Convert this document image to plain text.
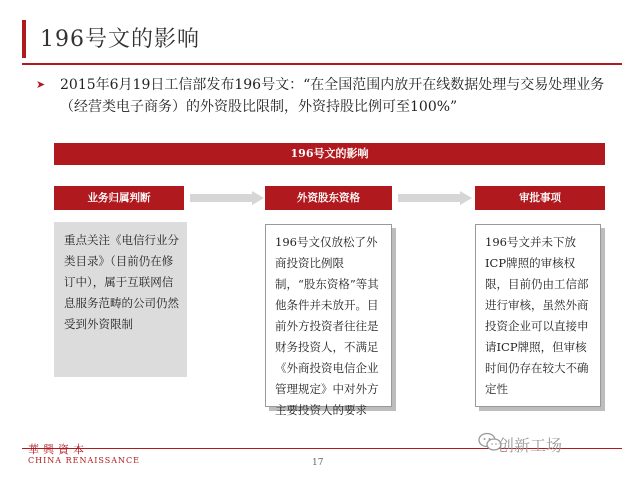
196号文的影响
➤ 2015年6月19日工信部发布196号文：“在全国范围内放开在线数据处理与交易处理业务（经营类电子商务）的外资股比限制，外资持股比例可至100%”
196号文的影响
业务归属判断
重点关注《电信行业分类目录》（目前仍在修订中），属于互联网信息服务范畴的公司仍然受到外资限制
外资股东资格
196号文仅放松了外商投资比例限制，“股东资格”等其他条件并未放开。目前外方投资者往往是财务投资人，不满足《外商投资电信企业管理规定》中对外方主要投资人的要求
审批事项
196号文并未下放ICP牌照的审核权限，目前仍由工信部进行审核，虽然外商投资企业可以直接申请ICP牌照，但审核时间仍存在较大不确定性
華興資本
CHINA RENAISSANCE	17
创新工场
